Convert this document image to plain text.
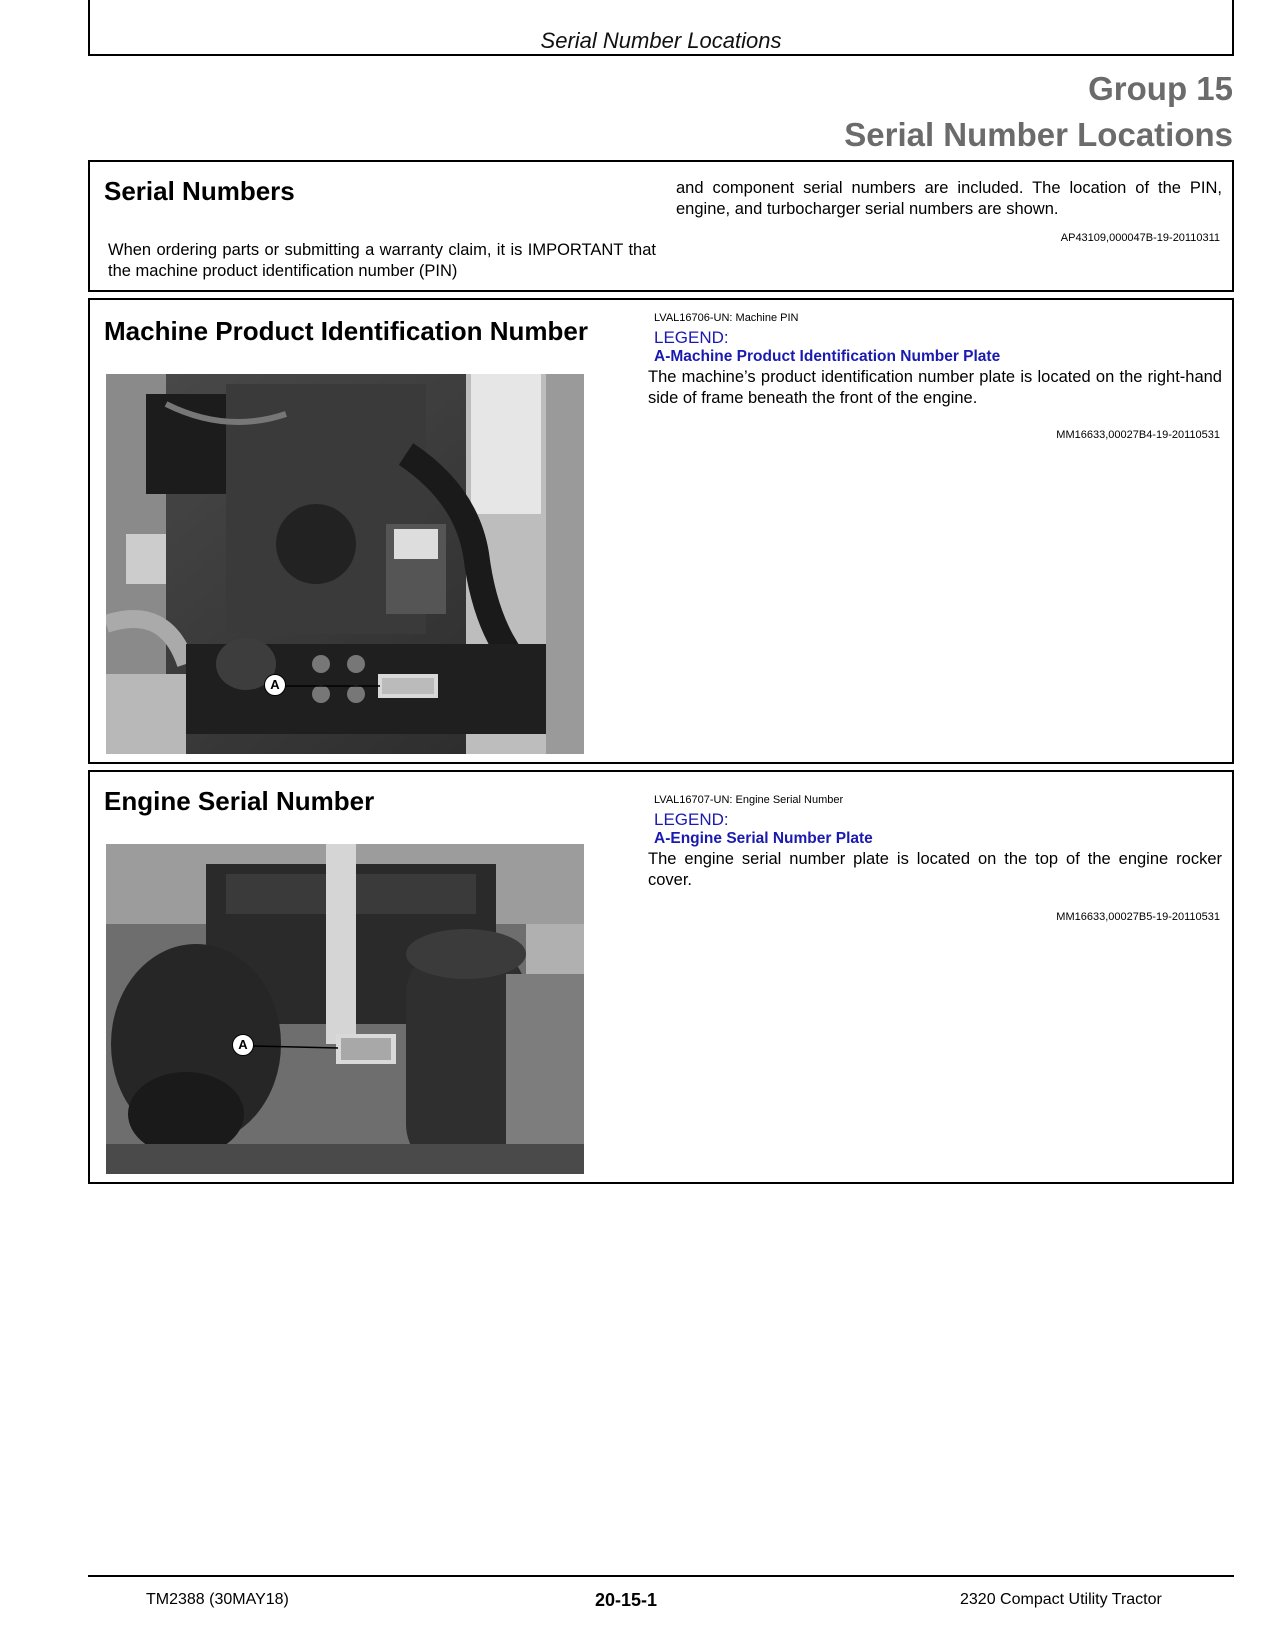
Serial Number Locations
Group 15
Serial Number Locations
Serial Numbers
When ordering parts or submitting a warranty claim, it is IMPORTANT that the machine product identification number (PIN)
and component serial numbers are included. The location of the PIN, engine, and turbocharger serial numbers are shown.
AP43109,000047B-19-20110311
Machine Product Identification Number
A
LVAL16706-UN: Machine PIN
LEGEND:
A-Machine Product Identification Number Plate
The machine’s product identification number plate is located on the right-hand side of frame beneath the front of the engine.
MM16633,00027B4-19-20110531
Engine Serial Number
A
LVAL16707-UN: Engine Serial Number
LEGEND:
A-Engine Serial Number Plate
The engine serial number plate is located on the top of the engine rocker cover.
MM16633,00027B5-19-20110531
TM2388 (30MAY18)	20-15-1	2320 Compact Utility Tractor
